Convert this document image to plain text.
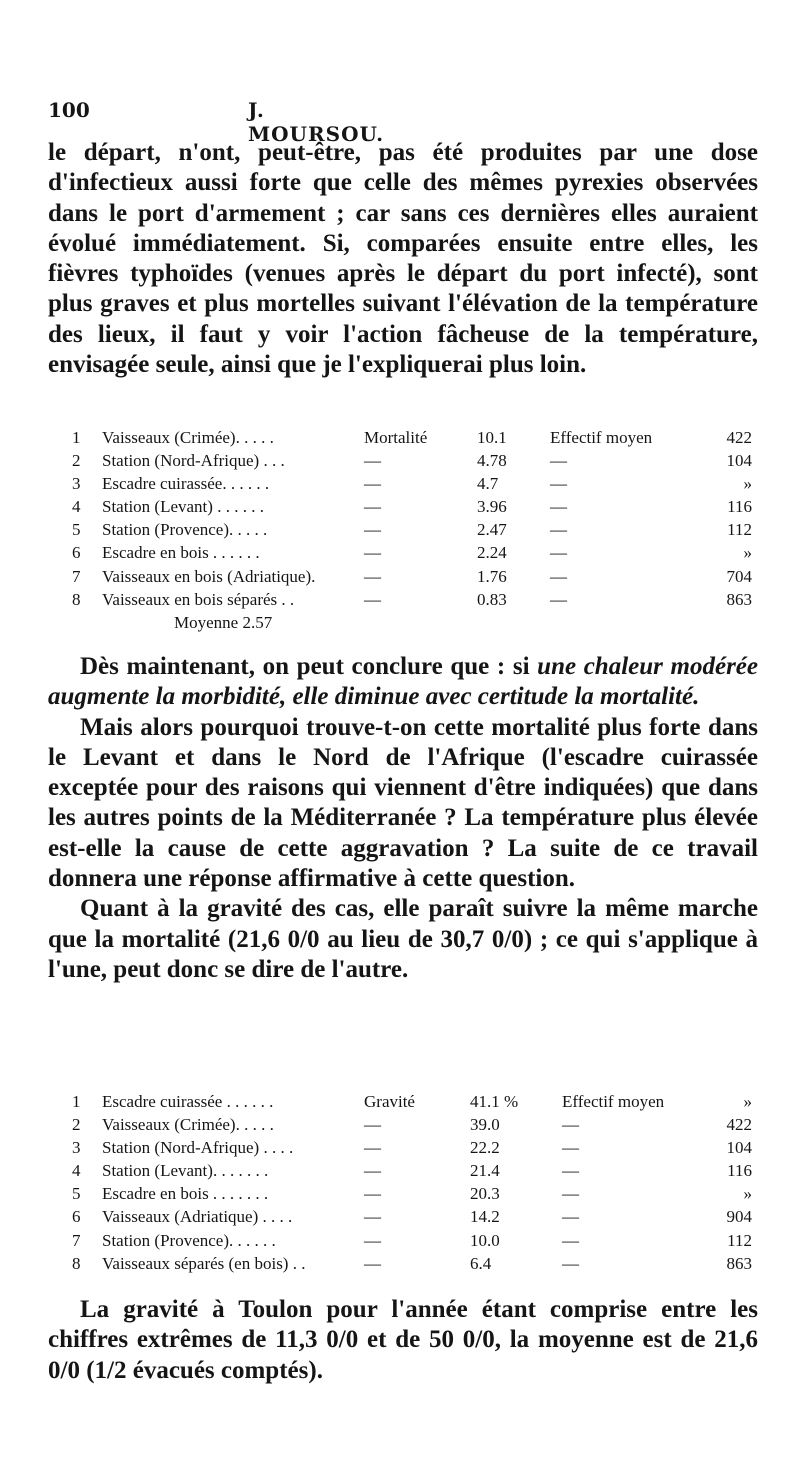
100	J. MOURSOU.

le départ, n'ont, peut-être, pas été produites par une dose d'infectieux aussi forte que celle des mêmes pyrexies observées dans le port d'armement ; car sans ces dernières elles auraient évolué immédiatement. Si, comparées ensuite entre elles, les fièvres typhoïdes (venues après le départ du port infecté), sont plus graves et plus mortelles suivant l'élévation de la température des lieux, il faut y voir l'action fâcheuse de la température, envisagée seule, ainsi que je l'expliquerai plus loin.

1 Vaisseaux (Crimée). . . . .	Mortalité	10.1	Effectif moyen	422
2 Station (Nord-Afrique) . . .	—	4.78	—	104
3 Escadre cuirassée. . . . . .	—	4.7	—	»
4 Station (Levant) . . . . . .	—	3.96	—	116
5 Station (Provence). . . . .	—	2.47	—	112
6 Escadre en bois . . . . . .	—	2.24	—	»
7 Vaisseaux en bois (Adriatique).	—	1.76	—	704
8 Vaisseaux en bois séparés . .	—	0.83	—	863
Moyenne 2.57

Dès maintenant, on peut conclure que : si une chaleur modérée augmente la morbidité, elle diminue avec certitude la mortalité.

Mais alors pourquoi trouve-t-on cette mortalité plus forte dans le Levant et dans le Nord de l'Afrique (l'escadre cuirassée exceptée pour des raisons qui viennent d'être indiquées) que dans les autres points de la Méditerranée ? La température plus élevée est-elle la cause de cette aggravation ? La suite de ce travail donnera une réponse affirmative à cette question.

Quant à la gravité des cas, elle paraît suivre la même marche que la mortalité (21,6 0/0 au lieu de 30,7 0/0) ; ce qui s'applique à l'une, peut donc se dire de l'autre.

1 Escadre cuirassée . . . . . .	Gravité	41.1 %	Effectif moyen	»
2 Vaisseaux (Crimée). . . . .	—	39.0	—	422
3 Station (Nord-Afrique) . . . .	—	22.2	—	104
4 Station (Levant). . . . . . .	—	21.4	—	116
5 Escadre en bois . . . . . . .	—	20.3	—	»
6 Vaisseaux (Adriatique) . . . .	—	14.2	—	904
7 Station (Provence). . . . . .	—	10.0	—	112
8 Vaisseaux séparés (en bois) . .	—	6.4	—	863

La gravité à Toulon pour l'année étant comprise entre les chiffres extrêmes de 11,3 0/0 et de 50 0/0, la moyenne est de 21,6 0/0 (1/2 évacués comptés).
